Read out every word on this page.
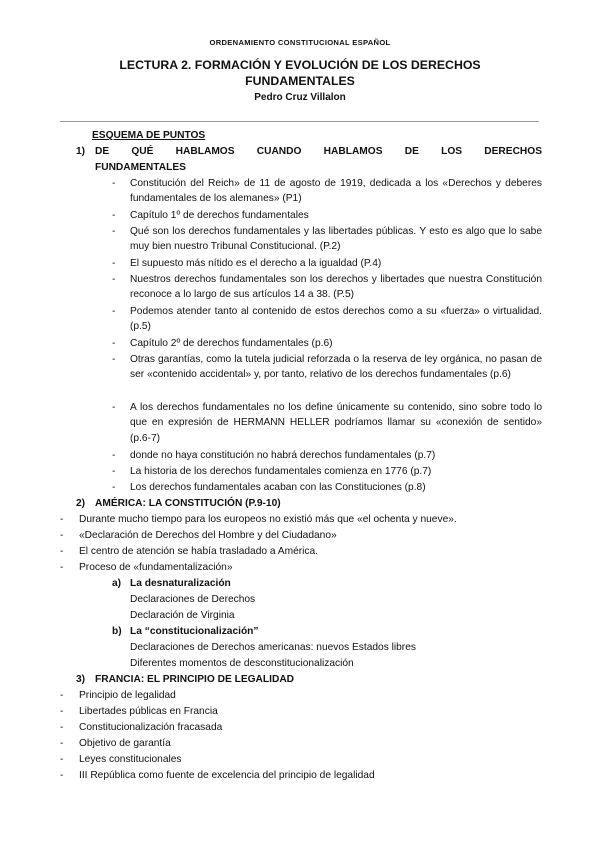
ORDENAMIENTO CONSTITUCIONAL ESPAÑOL
LECTURA 2. FORMACIÓN Y EVOLUCIÓN DE LOS DERECHOS FUNDAMENTALES
Pedro Cruz Villalon
ESQUEMA DE PUNTOS
1) DE QUÉ HABLAMOS CUANDO HABLAMOS DE LOS DERECHOS
FUNDAMENTALES
- Constitución del Reich» de 11 de agosto de 1919, dedicada a los «Derechos y deberes fundamentales de los alemanes» (P1)
- Capítulo 1º de derechos fundamentales
- Qué son los derechos fundamentales y las libertades públicas. Y esto es algo que lo sabe muy bien nuestro Tribunal Constitucional. (P.2)
- El supuesto más nítido es el derecho a la igualdad (P.4)
- Nuestros derechos fundamentales son los derechos y libertades que nuestra Constitución reconoce a lo largo de sus artículos 14 a 38. (P.5)
- Podemos atender tanto al contenido de estos derechos como a su «fuerza» o virtualidad. (p.5)
- Capítulo 2º de derechos fundamentales (p.6)
- Otras garantías, como la tutela judicial reforzada o la reserva de ley orgánica, no pasan de ser «contenido accidental» y, por tanto, relativo de los derechos fundamentales (p.6)
- A los derechos fundamentales no los define únicamente su contenido, sino sobre todo lo que en expresión de HERMANN HELLER podríamos llamar su «conexión de sentido» (p.6-7)
- donde no haya constitución no habrá derechos fundamentales (p.7)
- La historia de los derechos fundamentales comienza en 1776 (p.7)
- Los derechos fundamentales acaban con las Constituciones (p.8)
2) AMÉRICA: LA CONSTITUCIÓN (P.9-10)
- Durante mucho tiempo para los europeos no existió más que «el ochenta y nueve».
- «Declaración de Derechos del Hombre y del Ciudadano»
- El centro de atención se había trasladado a América.
- Proceso de «fundamentalización»
a) La desnaturalización
Declaraciones de Derechos
Declaración de Virginia
b) La “constitucionalización”
Declaraciones de Derechos americanas: nuevos Estados libres
Diferentes momentos de desconstitucionalización
3) FRANCIA: EL PRINCIPIO DE LEGALIDAD
- Principio de legalidad
- Libertades públicas en Francia
- Constitucionalización fracasada
- Objetivo de garantía
- Leyes constitucionales
- III República como fuente de excelencia del principio de legalidad
